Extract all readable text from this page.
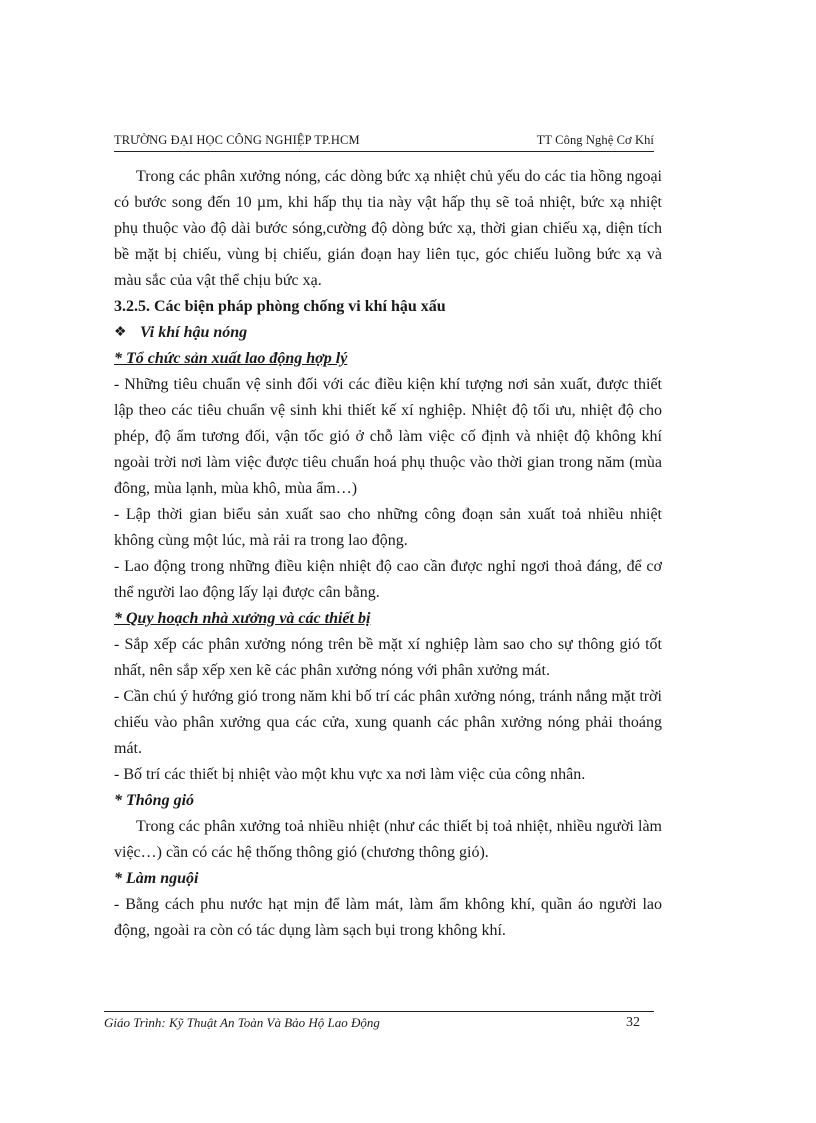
TRƯỜNG ĐẠI HỌC CÔNG NGHIỆP TP.HCM	TT Công Nghệ Cơ Khí

Trong các phân xưởng nóng, các dòng bức xạ nhiệt chủ yếu do các tia hồng ngoại có bước song đến 10 µm, khi hấp thụ tia này vật hấp thụ sẽ toả nhiệt, bức xạ nhiệt phụ thuộc vào độ dài bước sóng,cường độ dòng bức xạ, thời gian chiếu xạ, diện tích bề mặt bị chiếu, vùng bị chiếu, gián đoạn hay liên tục, góc chiếu luồng bức xạ và màu sắc của vật thể chịu bức xạ.

3.2.5. Các biện pháp phòng chống vi khí hậu xấu

❖ Vi khí hậu nóng

* Tổ chức sản xuất lao động hợp lý

- Những tiêu chuẩn vệ sinh đối với các điều kiện khí tượng nơi sản xuất, được thiết lập theo các tiêu chuẩn vệ sinh khi thiết kế xí nghiệp. Nhiệt độ tối ưu, nhiệt độ cho phép, độ ẩm tương đối, vận tốc gió ở chỗ làm việc cố định và nhiệt độ không khí ngoài trời nơi làm việc được tiêu chuẩn hoá phụ thuộc vào thời gian trong năm (mùa đông, mùa lạnh, mùa khô, mùa ẩm…)

- Lập thời gian biểu sản xuất sao cho những công đoạn sản xuất toả nhiều nhiệt không cùng một lúc, mà rải ra trong lao động.

- Lao động trong những điều kiện nhiệt độ cao cần được nghỉ ngơi thoả đáng, để cơ thể người lao động lấy lại được cân bằng.

* Quy hoạch nhà xưởng và các thiết bị

- Sắp xếp các phân xưởng nóng trên bề mặt xí nghiệp làm sao cho sự thông gió tốt nhất, nên sắp xếp xen kẽ các phân xưởng nóng với phân xưởng mát.

- Cần chú ý hướng gió trong năm khi bố trí các phân xưởng nóng, tránh nắng mặt trời chiếu vào phân xưởng qua các cửa, xung quanh các phân xưởng nóng phải thoáng mát.

- Bố trí các thiết bị nhiệt vào một khu vực xa nơi làm việc của công nhân.

* Thông gió

Trong các phân xưởng toả nhiều nhiệt (như các thiết bị toả nhiệt, nhiều người làm việc…) cần có các hệ thống thông gió (chương thông gió).

* Làm nguội

- Bằng cách phu nước hạt mịn để làm mát, làm ẩm không khí, quần áo người lao động, ngoài ra còn có tác dụng làm sạch bụi trong không khí.

Giáo Trình: Kỹ Thuật An Toàn Và Bảo Hộ Lao Động	32
